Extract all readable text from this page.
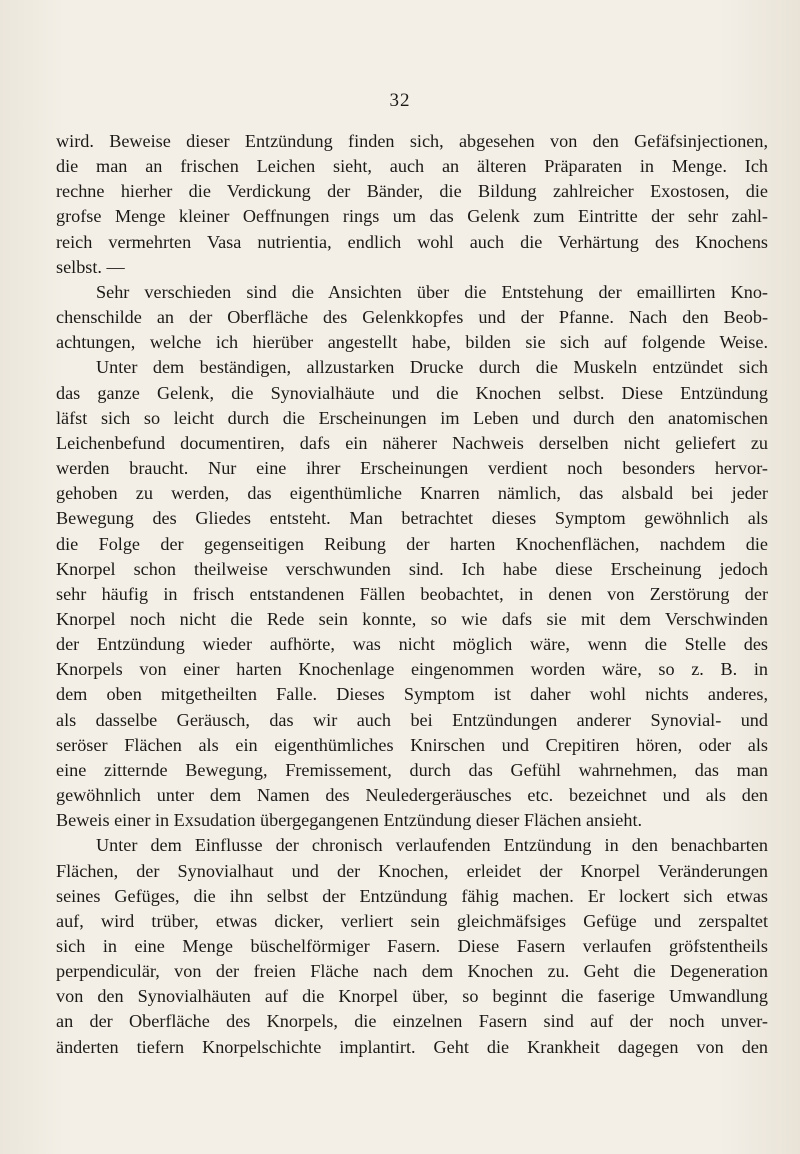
32
wird. Beweise dieser Entzündung finden sich, abgesehen von den Gefäfsinjectionen,
die man an frischen Leichen sieht, auch an älteren Präparaten in Menge. Ich
rechne hierher die Verdickung der Bänder, die Bildung zahlreicher Exostosen, die
grofse Menge kleiner Oeffnungen rings um das Gelenk zum Eintritte der sehr zahl-
reich vermehrten Vasa nutrientia, endlich wohl auch die Verhärtung des Knochens
selbst. —
Sehr verschieden sind die Ansichten über die Entstehung der emaillirten Kno-
chenschilde an der Oberfläche des Gelenkkopfes und der Pfanne. Nach den Beob-
achtungen, welche ich hierüber angestellt habe, bilden sie sich auf folgende Weise.
Unter dem beständigen, allzustarken Drucke durch die Muskeln entzündet sich
das ganze Gelenk, die Synovialhäute und die Knochen selbst. Diese Entzündung
läfst sich so leicht durch die Erscheinungen im Leben und durch den anatomischen
Leichenbefund documentiren, dafs ein näherer Nachweis derselben nicht geliefert zu
werden braucht. Nur eine ihrer Erscheinungen verdient noch besonders hervor-
gehoben zu werden, das eigenthümliche Knarren nämlich, das alsbald bei jeder
Bewegung des Gliedes entsteht. Man betrachtet dieses Symptom gewöhnlich als
die Folge der gegenseitigen Reibung der harten Knochenflächen, nachdem die
Knorpel schon theilweise verschwunden sind. Ich habe diese Erscheinung jedoch
sehr häufig in frisch entstandenen Fällen beobachtet, in denen von Zerstörung der
Knorpel noch nicht die Rede sein konnte, so wie dafs sie mit dem Verschwinden
der Entzündung wieder aufhörte, was nicht möglich wäre, wenn die Stelle des
Knorpels von einer harten Knochenlage eingenommen worden wäre, so z. B. in
dem oben mitgetheilten Falle. Dieses Symptom ist daher wohl nichts anderes,
als dasselbe Geräusch, das wir auch bei Entzündungen anderer Synovial- und
seröser Flächen als ein eigenthümliches Knirschen und Crepitiren hören, oder als
eine zitternde Bewegung, Fremissement, durch das Gefühl wahrnehmen, das man
gewöhnlich unter dem Namen des Neuledergeräusches etc. bezeichnet und als den
Beweis einer in Exsudation übergegangenen Entzündung dieser Flächen ansieht.
Unter dem Einflusse der chronisch verlaufenden Entzündung in den benachbarten
Flächen, der Synovialhaut und der Knochen, erleidet der Knorpel Veränderungen
seines Gefüges, die ihn selbst der Entzündung fähig machen. Er lockert sich etwas
auf, wird trüber, etwas dicker, verliert sein gleichmäfsiges Gefüge und zerspaltet
sich in eine Menge büschelförmiger Fasern. Diese Fasern verlaufen gröfstentheils
perpendiculär, von der freien Fläche nach dem Knochen zu. Geht die Degeneration
von den Synovialhäuten auf die Knorpel über, so beginnt die faserige Umwandlung
an der Oberfläche des Knorpels, die einzelnen Fasern sind auf der noch unver-
änderten tiefern Knorpelschichte implantirt. Geht die Krankheit dagegen von den
